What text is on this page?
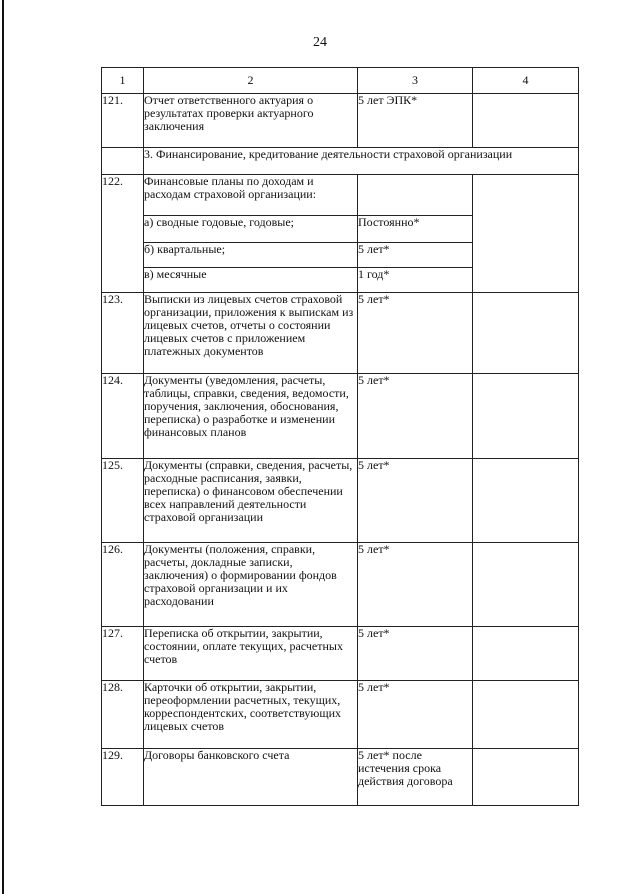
24
1	2	3	4
121.	Отчет ответственного актуария о результатах проверки актуарного заключения	5 лет ЭПК*	
	3. Финансирование, кредитование деятельности страховой организации		
122.	Финансовые планы по доходам и расходам страховой организации:		
	а) сводные годовые, годовые;	Постоянно*	
	б) квартальные;	5 лет*	
	в) месячные	1 год*	
123.	Выписки из лицевых счетов страховой организации, приложения к выпискам из лицевых счетов, отчеты о состоянии лицевых счетов с приложением платежных документов	5 лет*	
124.	Документы (уведомления, расчеты, таблицы, справки, сведения, ведомости, поручения, заключения, обоснования, переписка) о разработке и изменении финансовых планов	5 лет*	
125.	Документы (справки, сведения, расчеты, расходные расписания, заявки, переписка) о финансовом обеспечении всех направлений деятельности страховой организации	5 лет*	
126.	Документы (положения, справки, расчеты, докладные записки, заключения) о формировании фондов страховой организации и их расходовании	5 лет*	
127.	Переписка об открытии, закрытии, состоянии, оплате текущих, расчетных счетов	5 лет*	
128.	Карточки об открытии, закрытии, переоформлении расчетных, текущих, корреспондентских, соответствующих лицевых счетов	5 лет*	
129.	Договоры банковского счета	5 лет* после истечения срока действия договора	
